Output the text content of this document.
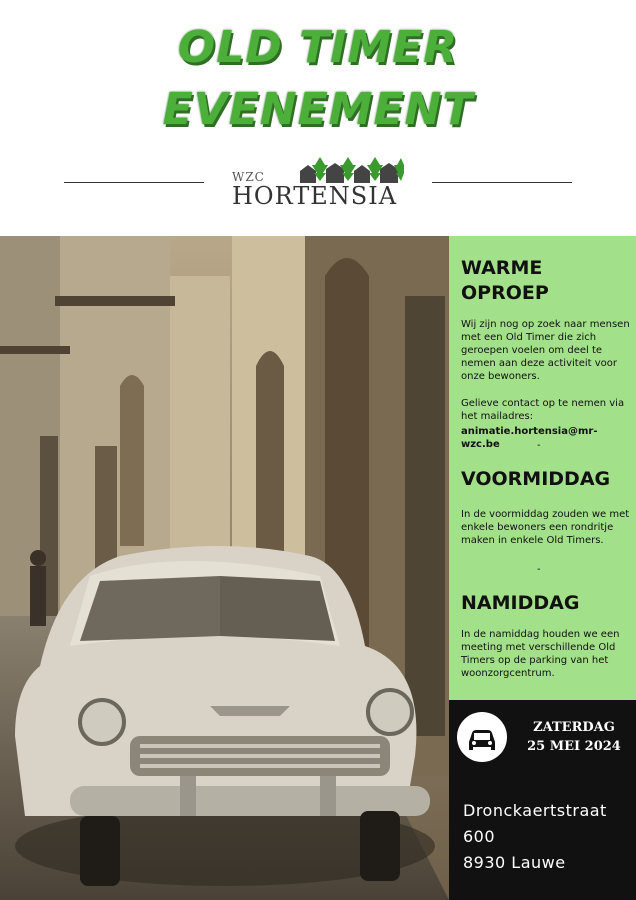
OLD TIMER
EVENEMENT
WZC
HORTENSIA
WARME OPROEP
Wij zijn nog op zoek naar mensen met een Old Timer die zich geroepen voelen om deel te nemen aan deze activiteit voor onze bewoners.
Gelieve contact op te nemen via het mailadres:
animatie.hortensia@mr-wzc.be	-
VOORMIDDAG
In de voormiddag zouden we met enkele bewoners een rondritje maken in enkele Old Timers.
-
NAMIDDAG
In de namiddag houden we een meeting met verschillende Old Timers op de parking van het woonzorgcentrum.
ZATERDAG
25 MEI 2024
Dronckaertstraat
600
8930 Lauwe
